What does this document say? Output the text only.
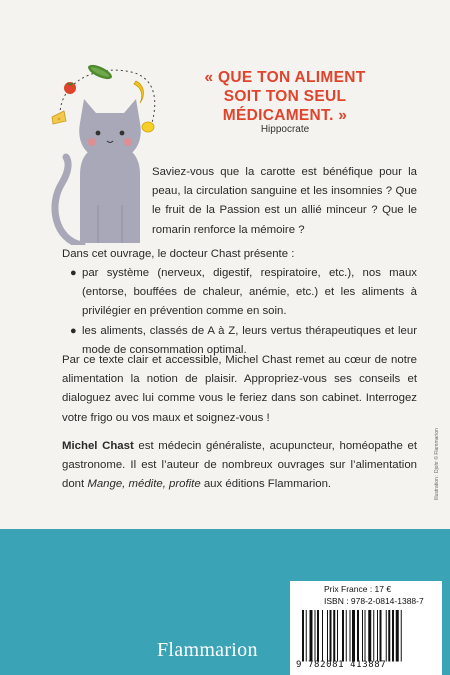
« QUE TON ALIMENT
SOIT TON SEUL
MÉDICAMENT. »
Hippocrate
Saviez-vous que la carotte est bénéfique pour la peau, la circulation sanguine et les insomnies ? Que le fruit de la Passion est un allié minceur ? Que le romarin renforce la mémoire ?
Dans cet ouvrage, le docteur Chast présente :
● par système (nerveux, digestif, respiratoire, etc.), nos maux (entorse, bouffées de chaleur, anémie, etc.) et les aliments à privilégier en prévention comme en soin.
● les aliments, classés de A à Z, leurs vertus thérapeutiques et leur mode de consommation optimal.
Par ce texte clair et accessible, Michel Chast remet au cœur de notre alimentation la notion de plaisir. Appropriez-vous ses conseils et dialoguez avec lui comme vous le feriez dans son cabinet. Interrogez votre frigo ou vos maux et soignez-vous !
Michel Chast est médecin généraliste, acupuncteur, homéopathe et gastronome. Il est l’auteur de nombreux ouvrages sur l’alimentation dont Mange, médite, profite aux éditions Flammarion.	Illustration : Djohr © Flammarion
Prix France : 17 €
ISBN : 978-2-0814-1388-7
9 782081 413887
Flammarion
